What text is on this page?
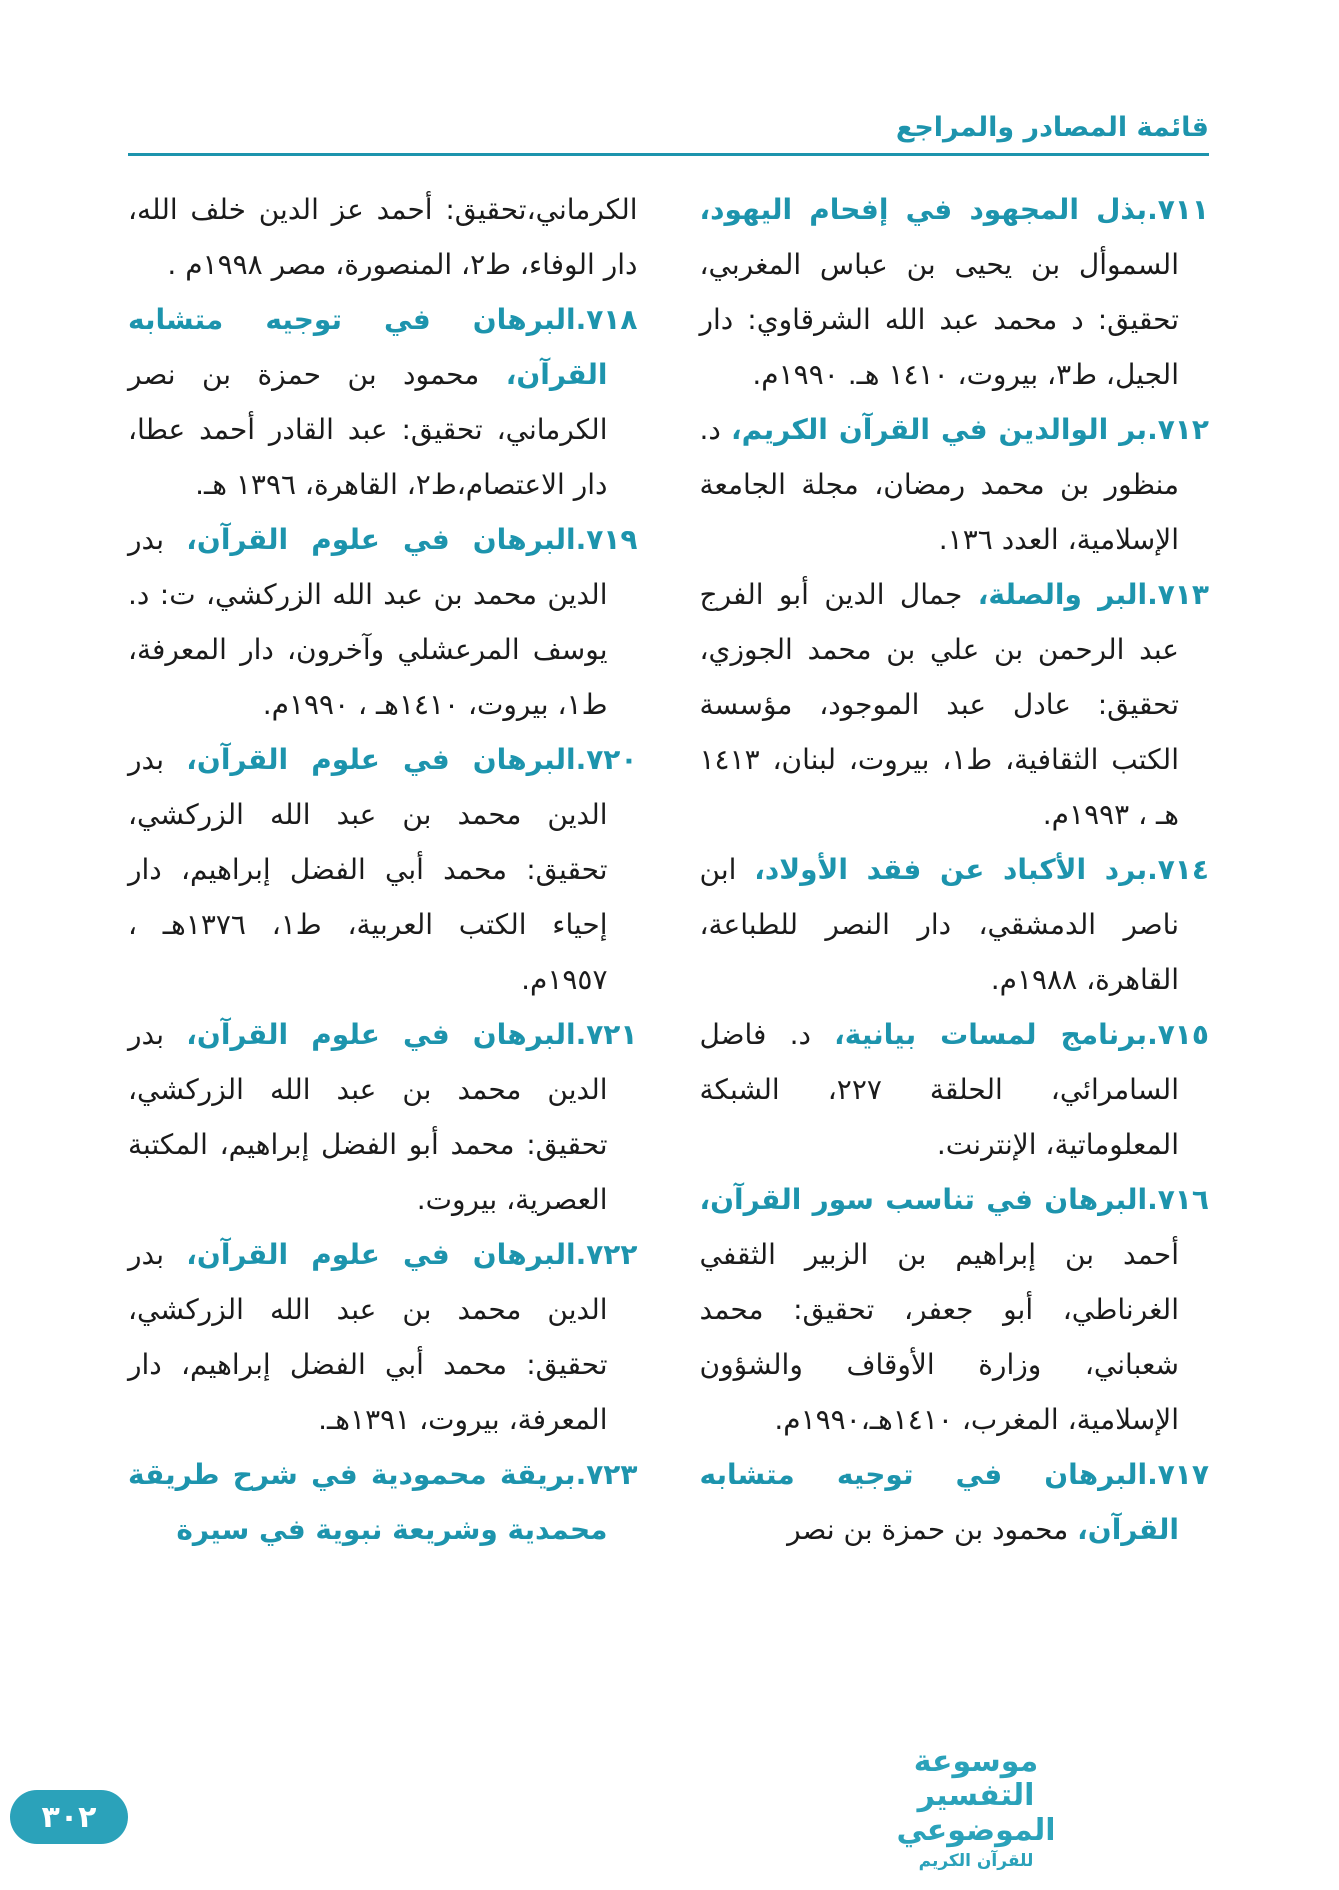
قائمة المصادر والمراجع

٧١١.بذل المجهود في إفحام اليهود، السموأل بن يحيى بن عباس المغربي، تحقيق: د محمد عبد الله الشرقاوي: دار الجيل، ط٣، بيروت، ١٤١٠ هـ. ١٩٩٠م.

٧١٢.بر الوالدين في القرآن الكريم، د. منظور بن محمد رمضان، مجلة الجامعة الإسلامية، العدد ١٣٦.

٧١٣.البر والصلة، جمال الدين أبو الفرج عبد الرحمن بن علي بن محمد الجوزي، تحقيق: عادل عبد الموجود، مؤسسة الكتب الثقافية، ط١، بيروت، لبنان، ١٤١٣ هـ ، ١٩٩٣م.

٧١٤.برد الأكباد عن فقد الأولاد، ابن ناصر الدمشقي، دار النصر للطباعة، القاهرة، ١٩٨٨م.

٧١٥.برنامج لمسات بيانية، د. فاضل السامرائي، الحلقة ٢٢٧، الشبكة المعلوماتية، الإنترنت.

٧١٦.البرهان في تناسب سور القرآن، أحمد بن إبراهيم بن الزبير الثقفي الغرناطي، أبو جعفر، تحقيق: محمد شعباني، وزارة الأوقاف والشؤون الإسلامية، المغرب، ١٤١٠هـ،١٩٩٠م.

٧١٧.البرهان في توجيه متشابه القرآن، محمود بن حمزة بن نصر

الكرماني،تحقيق: أحمد عز الدين خلف الله، دار الوفاء، ط٢، المنصورة، مصر ١٩٩٨م .

٧١٨.البرهان في توجيه متشابه القرآن، محمود بن حمزة بن نصر الكرماني، تحقيق: عبد القادر أحمد عطا، دار الاعتصام،ط٢، القاهرة، ١٣٩٦ هـ.

٧١٩.البرهان في علوم القرآن، بدر الدين محمد بن عبد الله الزركشي، ت: د. يوسف المرعشلي وآخرون، دار المعرفة، ط١، بيروت، ١٤١٠هـ ، ١٩٩٠م.

٧٢٠.البرهان في علوم القرآن، بدر الدين محمد بن عبد الله الزركشي، تحقيق: محمد أبي الفضل إبراهيم، دار إحياء الكتب العربية، ط١، ١٣٧٦هـ ، ١٩٥٧م.

٧٢١.البرهان في علوم القرآن، بدر الدين محمد بن عبد الله الزركشي، تحقيق: محمد أبو الفضل إبراهيم، المكتبة العصرية، بيروت.

٧٢٢.البرهان في علوم القرآن، بدر الدين محمد بن عبد الله الزركشي، تحقيق: محمد أبي الفضل إبراهيم، دار المعرفة، بيروت، ١٣٩١هـ.

٧٢٣.بريقة محمودية في شرح طريقة محمدية وشريعة نبوية في سيرة

موسوعة التفسير الموضوعي
للقرآن الكريم
٣٠٢
